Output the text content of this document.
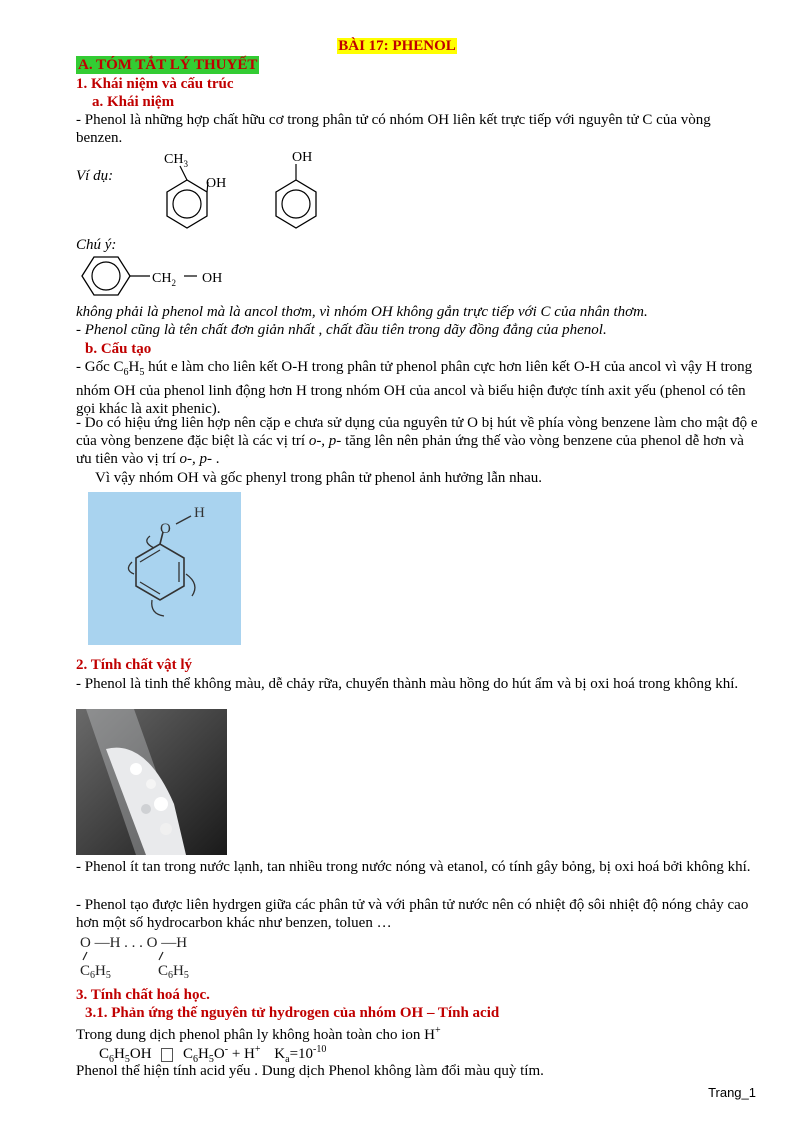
BÀI 17: PHENOL
A. TÓM TẮT LÝ THUYẾT
1. Khái niệm và cấu trúc
a. Khái niệm
- Phenol là những hợp chất hữu cơ trong phân tử có nhóm OH liên kết trực tiếp với nguyên tử C của vòng benzen.
Ví dụ:
$CH_3$
OH
OH
Chú ý:
$CH_2$ OH
không phải là phenol mà là ancol thơm, vì nhóm OH không gắn trực tiếp với C của nhân thơm.
- Phenol cũng là tên chất đơn giản nhất , chất đầu tiên trong dãy đồng đẳng của phenol.
b. Cấu tạo
- Gốc $C_6H_5$ hút e làm cho liên kết O-H trong phân tử phenol phân cực hơn liên kết O-H của ancol vì vậy H trong nhóm OH của phenol linh động hơn H trong nhóm OH của ancol và biểu hiện được tính axit yếu (phenol có tên gọi khác là axit phenic).
- Do có hiệu ứng liên hợp nên cặp e chưa sử dụng của nguyên tử O bị hút về phía vòng benzene làm cho mật độ e của vòng benzene đặc biệt là các vị trí o-, p- tăng lên nên phản ứng thế vào vòng benzene của phenol dễ hơn và ưu tiên vào vị trí o-, p- .
Vì vậy nhóm OH và gốc phenyl trong phân tử phenol ảnh hưởng lẫn nhau.
O
H
2. Tính chất vật lý
- Phenol là tinh thể không màu, dễ chảy rữa, chuyển thành màu hồng do hút ẩm và bị oxi hoá trong không khí.
- Phenol ít tan trong nước lạnh, tan nhiều trong nước nóng và etanol, có tính gây bỏng, bị oxi hoá bởi không khí.
- Phenol tạo được liên hydrgen giữa các phân tử và với phân tử nước nên có nhiệt độ sôi nhiệt độ nóng chảy cao hơn một số hydrocarbon khác như benzen, toluen …
O —H . . . O —H
$C_6H_5$	$C_6H_5$
3. Tính chất hoá học.
3.1. Phản ứng thế nguyên tử hydrogen của nhóm OH – Tính acid
Trong dung dịch phenol phân ly không hoàn toàn cho ion H+
$C_6H_5OH$ $C_6H_5O^- + H^+$ $K_a=10^{-10}$
Phenol thể hiện tính acid yếu . Dung dịch Phenol không làm đổi màu quỳ tím.
Trang_1
